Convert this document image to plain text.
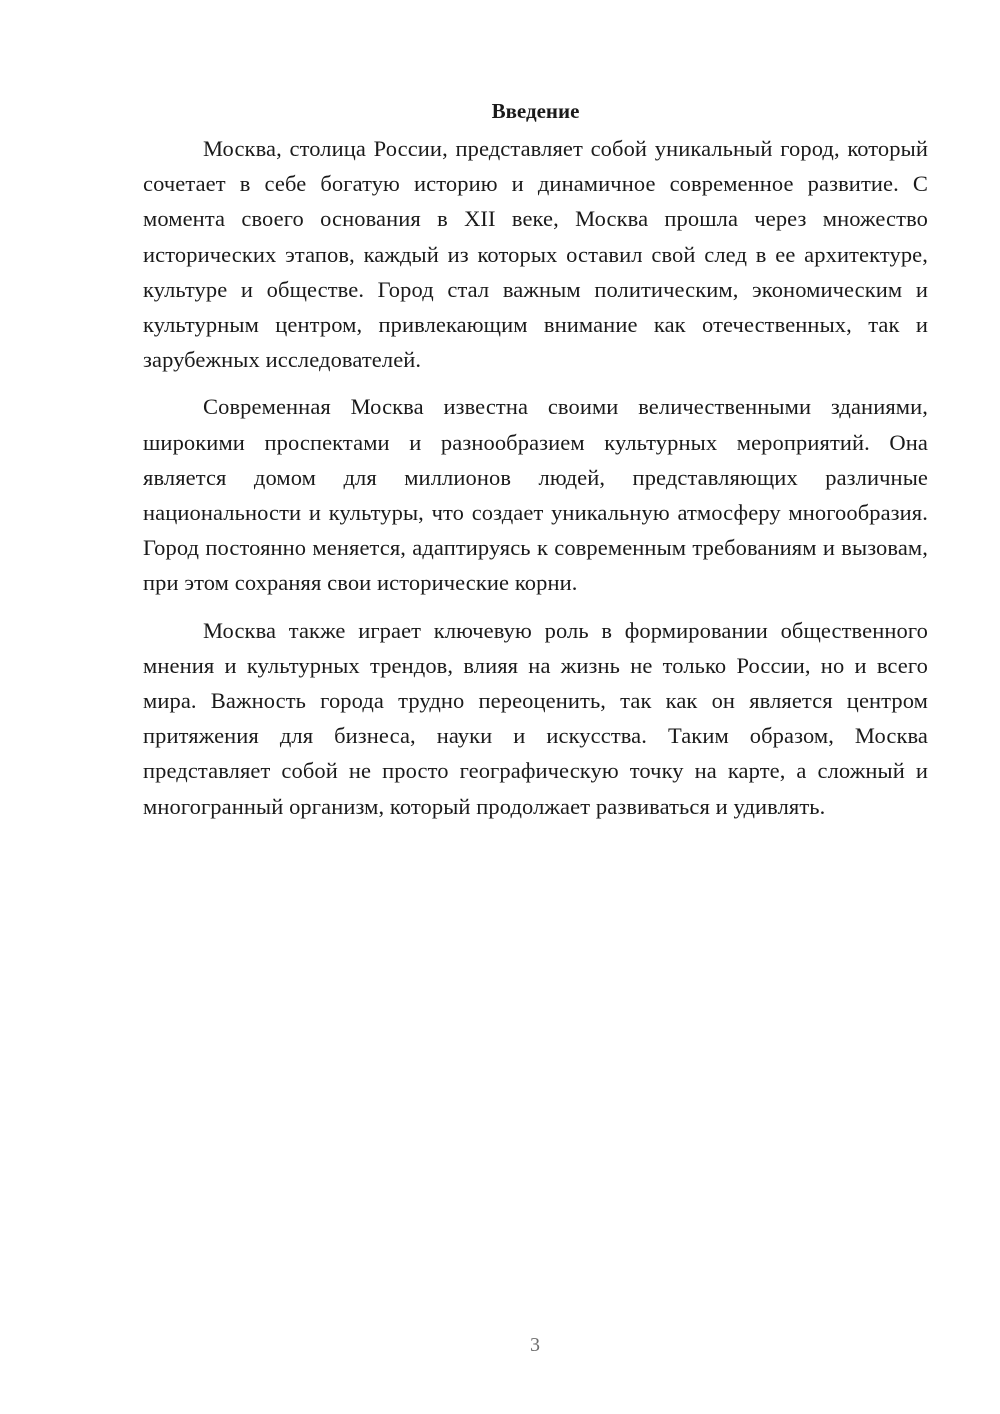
Введение

Москва, столица России, представляет собой уникальный город, который сочетает в себе богатую историю и динамичное современное развитие. С момента своего основания в XII веке, Москва прошла через множество исторических этапов, каждый из которых оставил свой след в ее архитектуре, культуре и обществе. Город стал важным политическим, экономическим и культурным центром, привлекающим внимание как отечественных, так и зарубежных исследователей.

Современная Москва известна своими величественными зданиями, широкими проспектами и разнообразием культурных мероприятий. Она является домом для миллионов людей, представляющих различные национальности и культуры, что создает уникальную атмосферу многообразия. Город постоянно меняется, адаптируясь к современным требованиям и вызовам, при этом сохраняя свои исторические корни.

Москва также играет ключевую роль в формировании общественного мнения и культурных трендов, влияя на жизнь не только России, но и всего мира. Важность города трудно переоценить, так как он является центром притяжения для бизнеса, науки и искусства. Таким образом, Москва представляет собой не просто географическую точку на карте, а сложный и многогранный организм, который продолжает развиваться и удивлять.

3
